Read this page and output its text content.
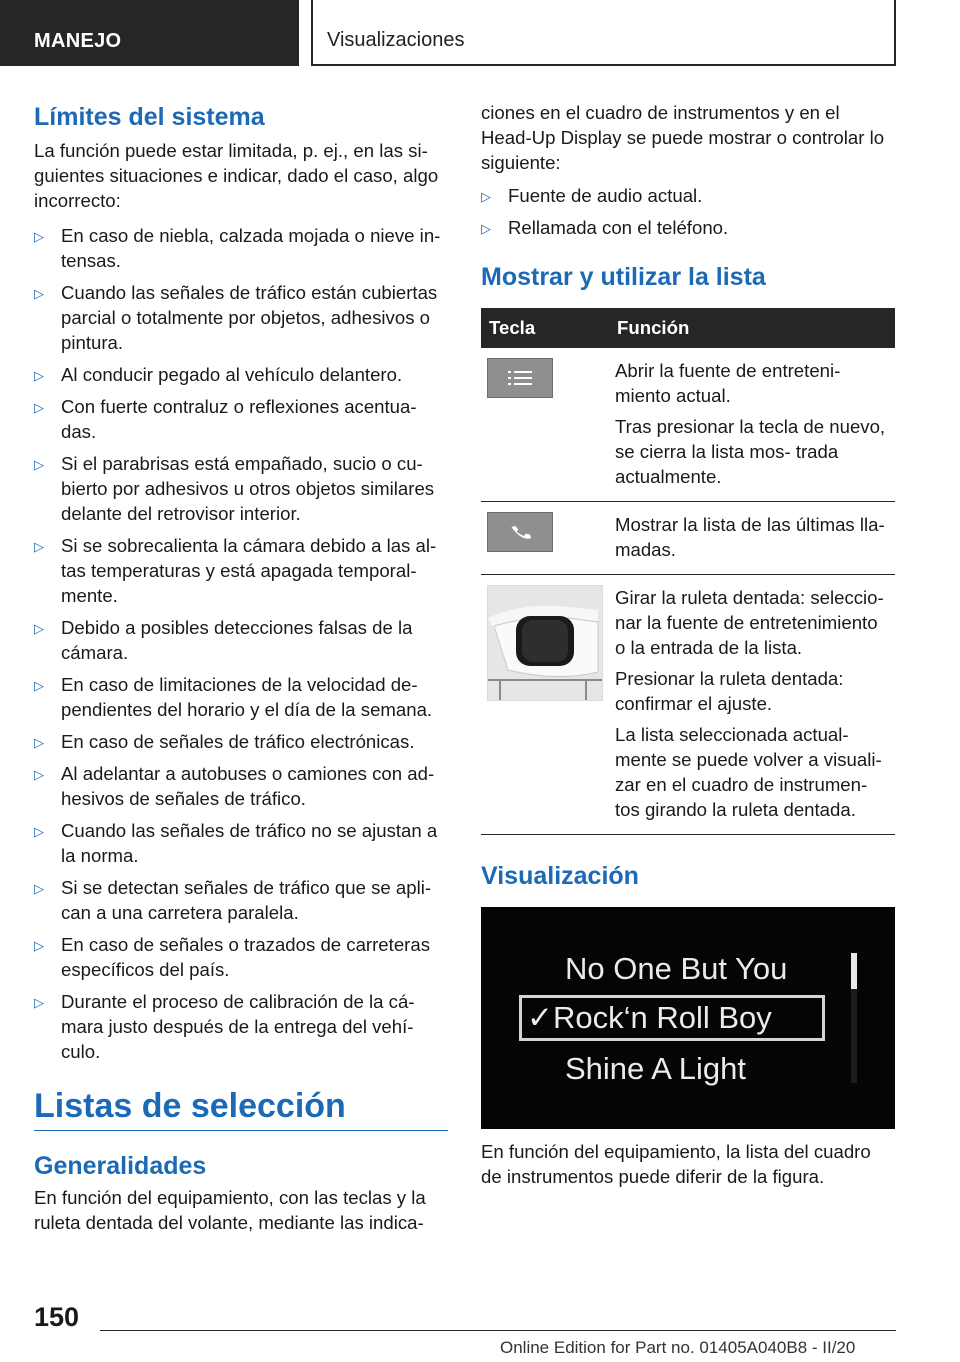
MANEJO	Visualizaciones
Límites del sistema

La función puede estar limitada, p. ej., en las si- guientes situaciones e indicar, dado el caso, algo incorrecto:

▷ En caso de niebla, calzada mojada o nieve in- tensas.
▷ Cuando las señales de tráfico están cubiertas parcial o totalmente por objetos, adhesivos o pintura.
▷ Al conducir pegado al vehículo delantero.
▷ Con fuerte contraluz o reflexiones acentua- das.
▷ Si el parabrisas está empañado, sucio o cu- bierto por adhesivos u otros objetos similares delante del retrovisor interior.
▷ Si se sobrecalienta la cámara debido a las al- tas temperaturas y está apagada temporal- mente.
▷ Debido a posibles detecciones falsas de la cámara.
▷ En caso de limitaciones de la velocidad de- pendientes del horario y el día de la semana.
▷ En caso de señales de tráfico electrónicas.
▷ Al adelantar a autobuses o camiones con ad- hesivos de señales de tráfico.
▷ Cuando las señales de tráfico no se ajustan a la norma.
▷ Si se detectan señales de tráfico que se apli- can a una carretera paralela.
▷ En caso de señales o trazados de carreteras específicos del país.
▷ Durante el proceso de calibración de la cá- mara justo después de la entrega del vehí- culo.
Listas de selección
Generalidades

En función del equipamiento, con las teclas y la ruleta dentada del volante, mediante las indica-

ciones en el cuadro de instrumentos y en el Head-Up Display se puede mostrar o controlar lo siguiente:

▷ Fuente de audio actual.
▷ Rellamada con el teléfono.
Mostrar y utilizar la lista
Tecla	Función

Abrir la fuente de entreteni- miento actual.

Tras presionar la tecla de nuevo, se cierra la lista mos- trada actualmente.

Mostrar la lista de las últimas lla- madas.

Girar la ruleta dentada: seleccio- nar la fuente de entretenimiento o la entrada de la lista.

Presionar la ruleta dentada: confirmar el ajuste.

La lista seleccionada actual- mente se puede volver a visuali- zar en el cuadro de instrumen- tos girando la ruleta dentada.

Visualización
No One But You
✓Rock‘n Roll Boy
Shine A Light

En función del equipamiento, la lista del cuadro de instrumentos puede diferir de la figura.

150
Online Edition for Part no. 01405A040B8 - II/20
